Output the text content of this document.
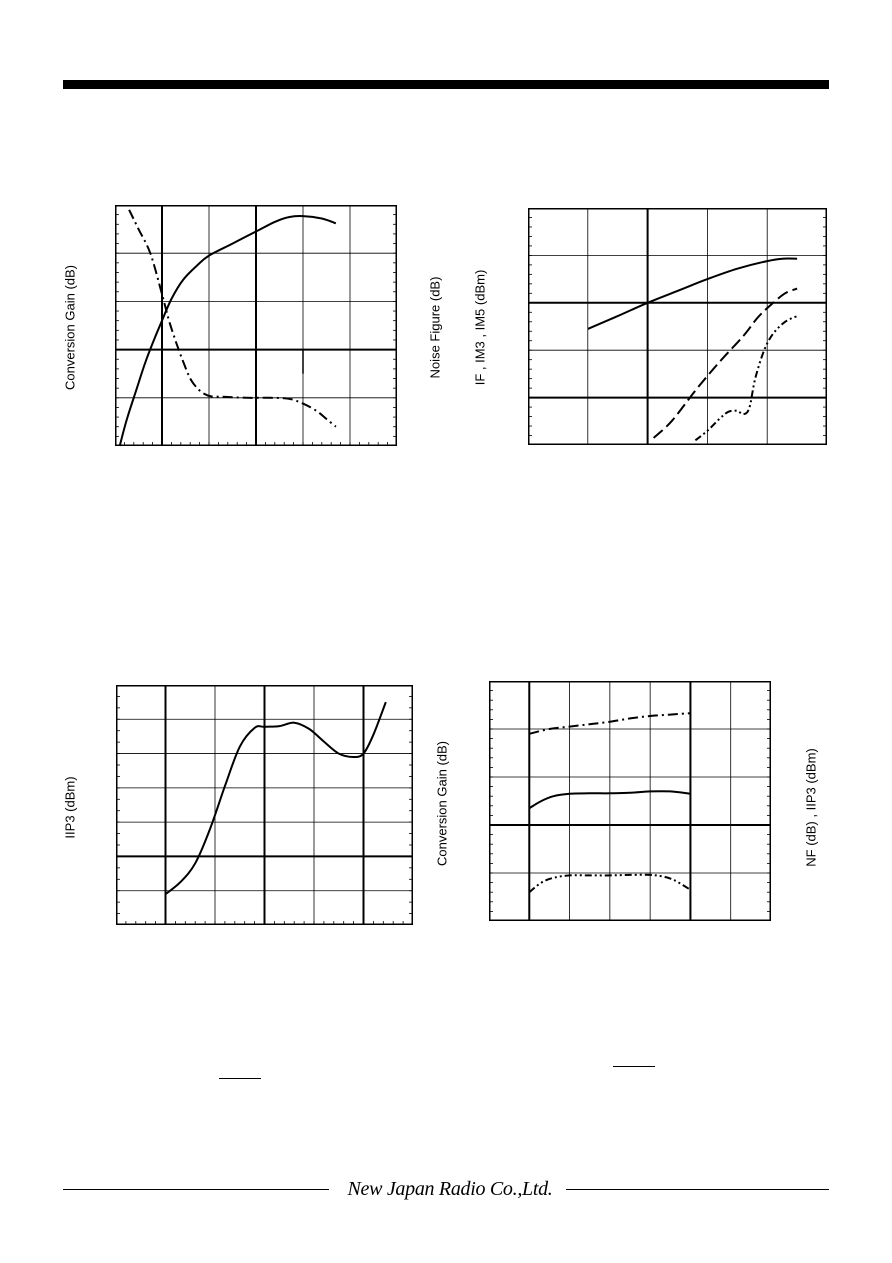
Conversion Gain (dB)	Noise Figure (dB) IF , IM3 , IM5 (dBm)
IIP3 (dBm)	Conversion Gain (dB)	NF (dB) , IIP3 (dBm)
New Japan Radio Co.,Ltd.
